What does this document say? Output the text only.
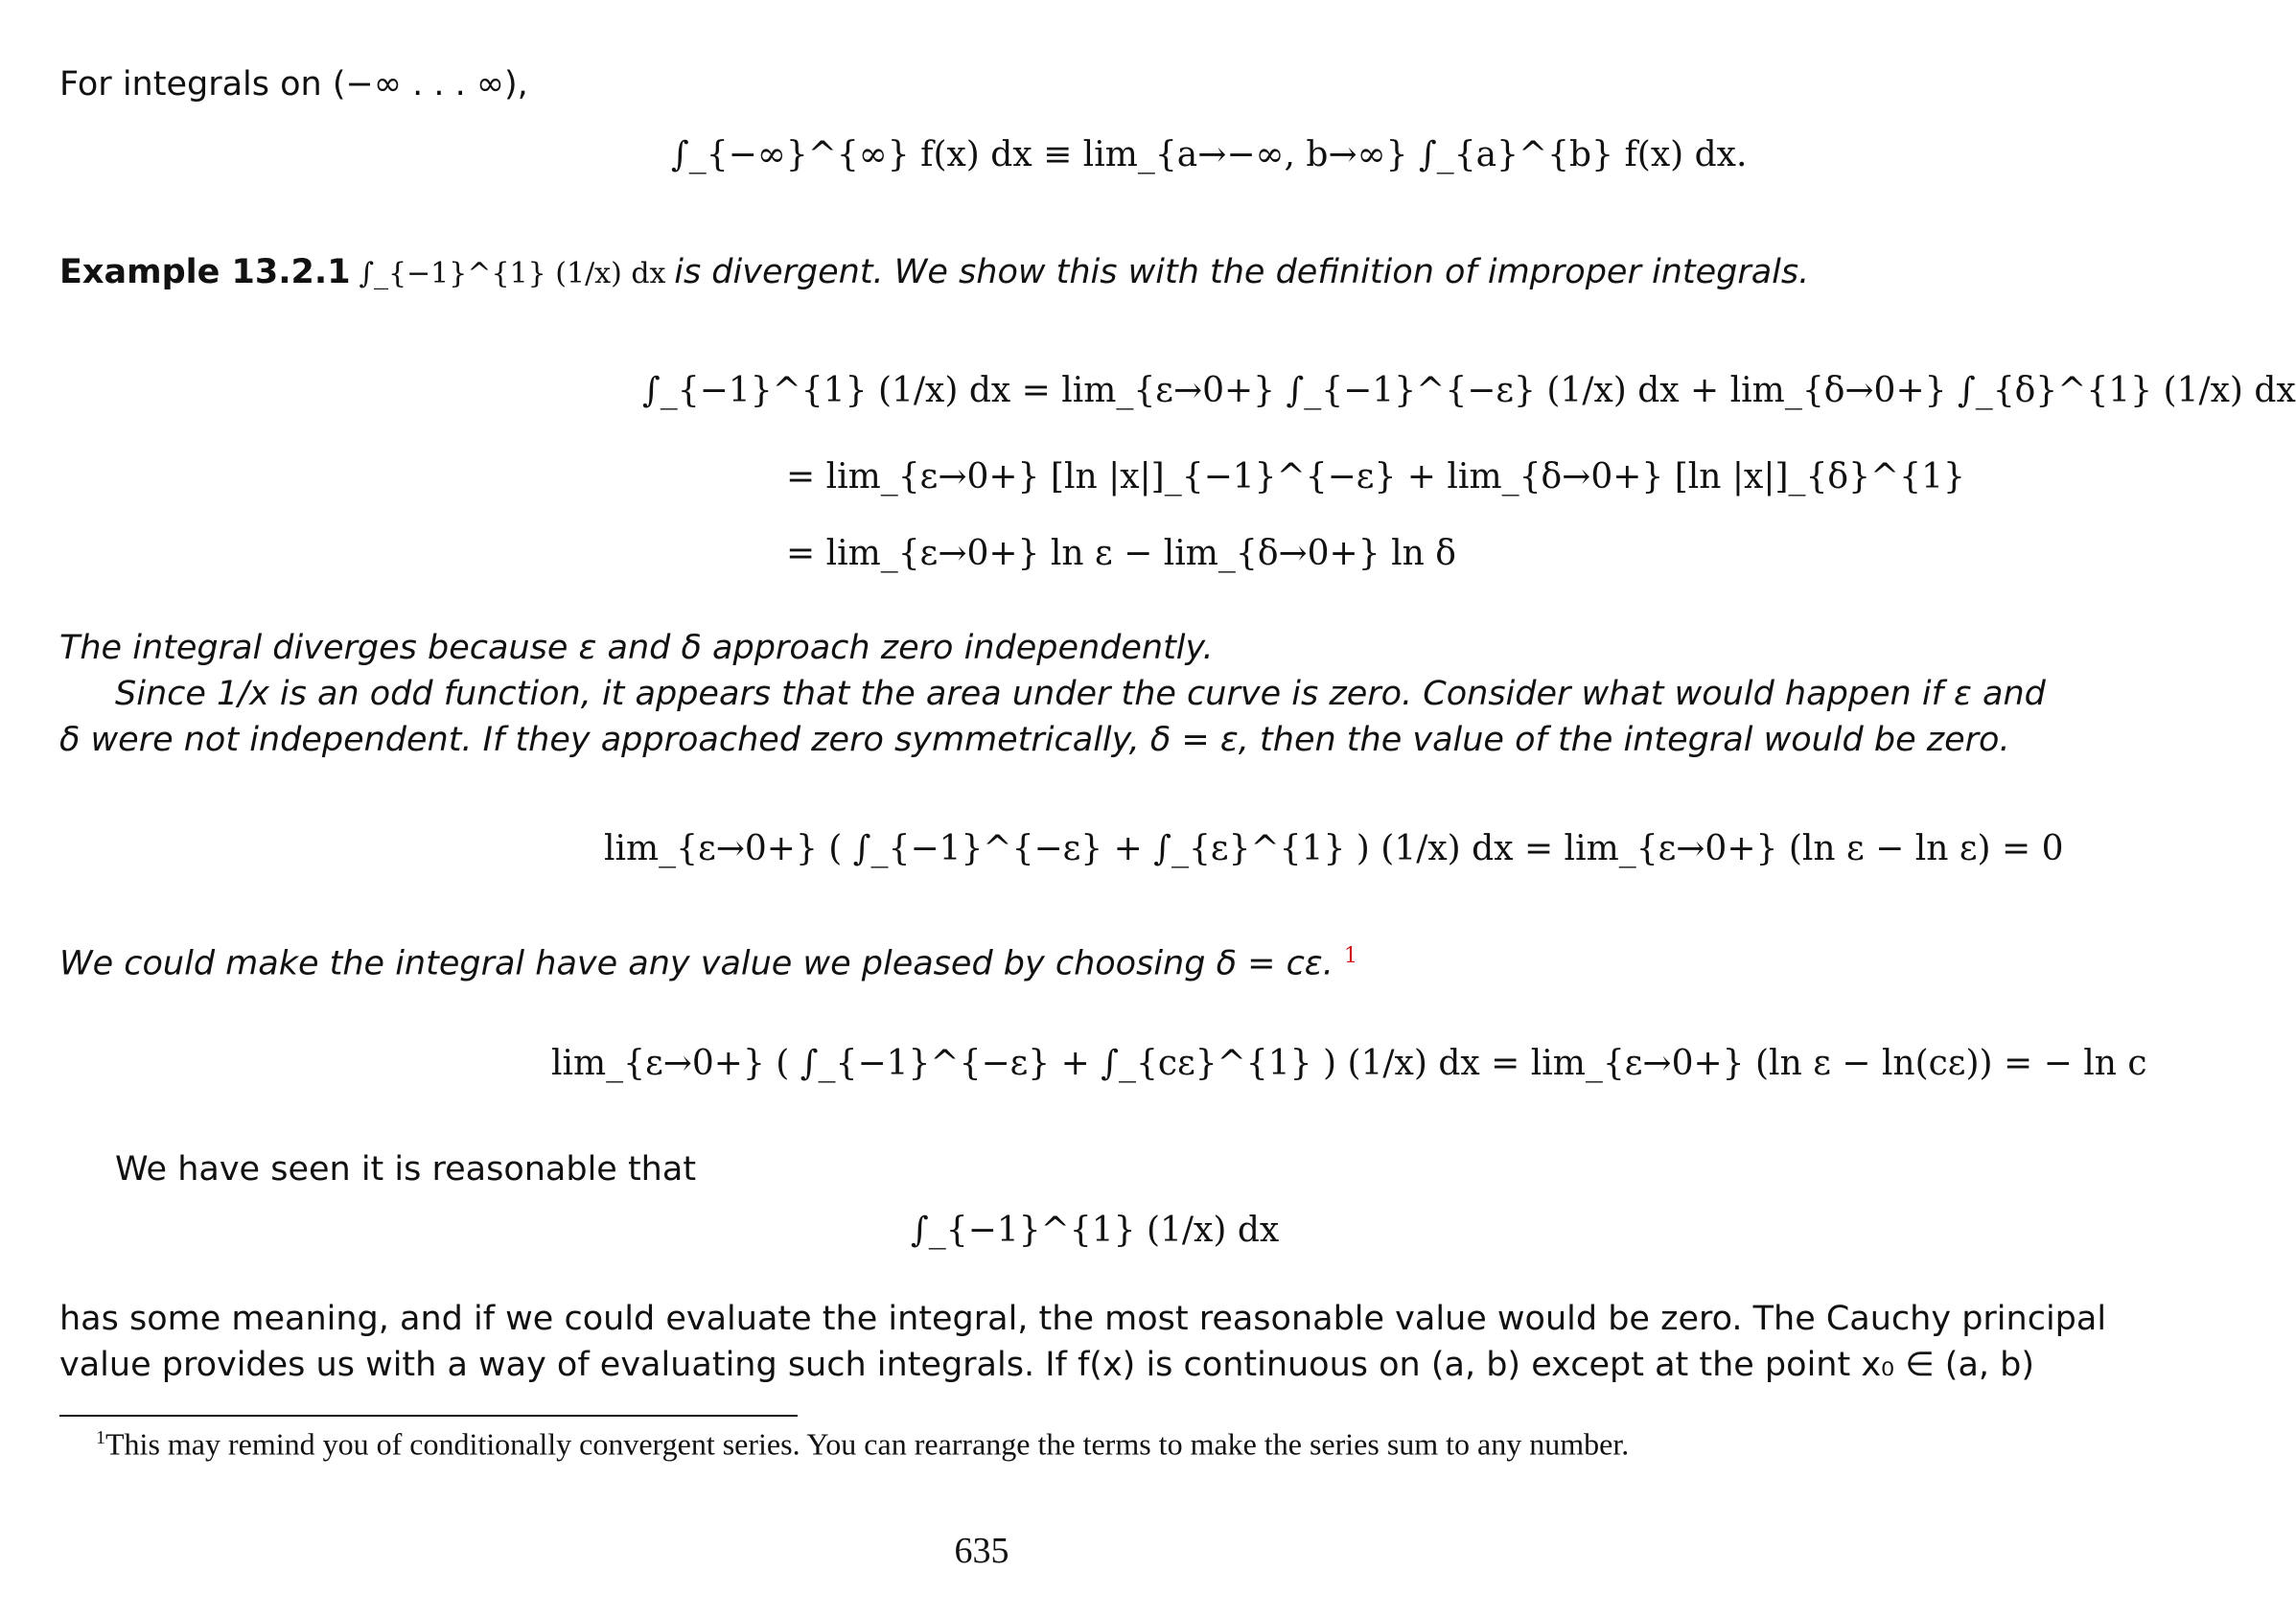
For integrals on (−∞ . . . ∞),
∫_{−∞}^{∞} f(x) dx ≡ lim_{a→−∞, b→∞} ∫_{a}^{b} f(x) dx.
Example 13.2.1 ∫_{−1}^{1} (1/x) dx is divergent. We show this with the definition of improper integrals.
∫_{−1}^{1} (1/x) dx = lim_{ε→0+} ∫_{−1}^{−ε} (1/x) dx + lim_{δ→0+} ∫_{δ}^{1} (1/x) dx
= lim_{ε→0+} [ln |x|]_{−1}^{−ε} + lim_{δ→0+} [ln |x|]_{δ}^{1}
= lim_{ε→0+} ln ε − lim_{δ→0+} ln δ
The integral diverges because ε and δ approach zero independently.
Since 1/x is an odd function, it appears that the area under the curve is zero. Consider what would happen if ε and
δ were not independent. If they approached zero symmetrically, δ = ε, then the value of the integral would be zero.
lim_{ε→0+} ( ∫_{−1}^{−ε} + ∫_{ε}^{1} ) (1/x) dx = lim_{ε→0+} (ln ε − ln ε) = 0
We could make the integral have any value we pleased by choosing δ = cε. $^1$
lim_{ε→0+} ( ∫_{−1}^{−ε} + ∫_{cε}^{1} ) (1/x) dx = lim_{ε→0+} (ln ε − ln(cε)) = − ln c
We have seen it is reasonable that
∫_{−1}^{1} (1/x) dx
has some meaning, and if we could evaluate the integral, the most reasonable value would be zero. The Cauchy principal
value provides us with a way of evaluating such integrals. If f(x) is continuous on (a, b) except at the point x₀ ∈ (a, b)
$^1$This may remind you of conditionally convergent series. You can rearrange the terms to make the series sum to any number.
635
